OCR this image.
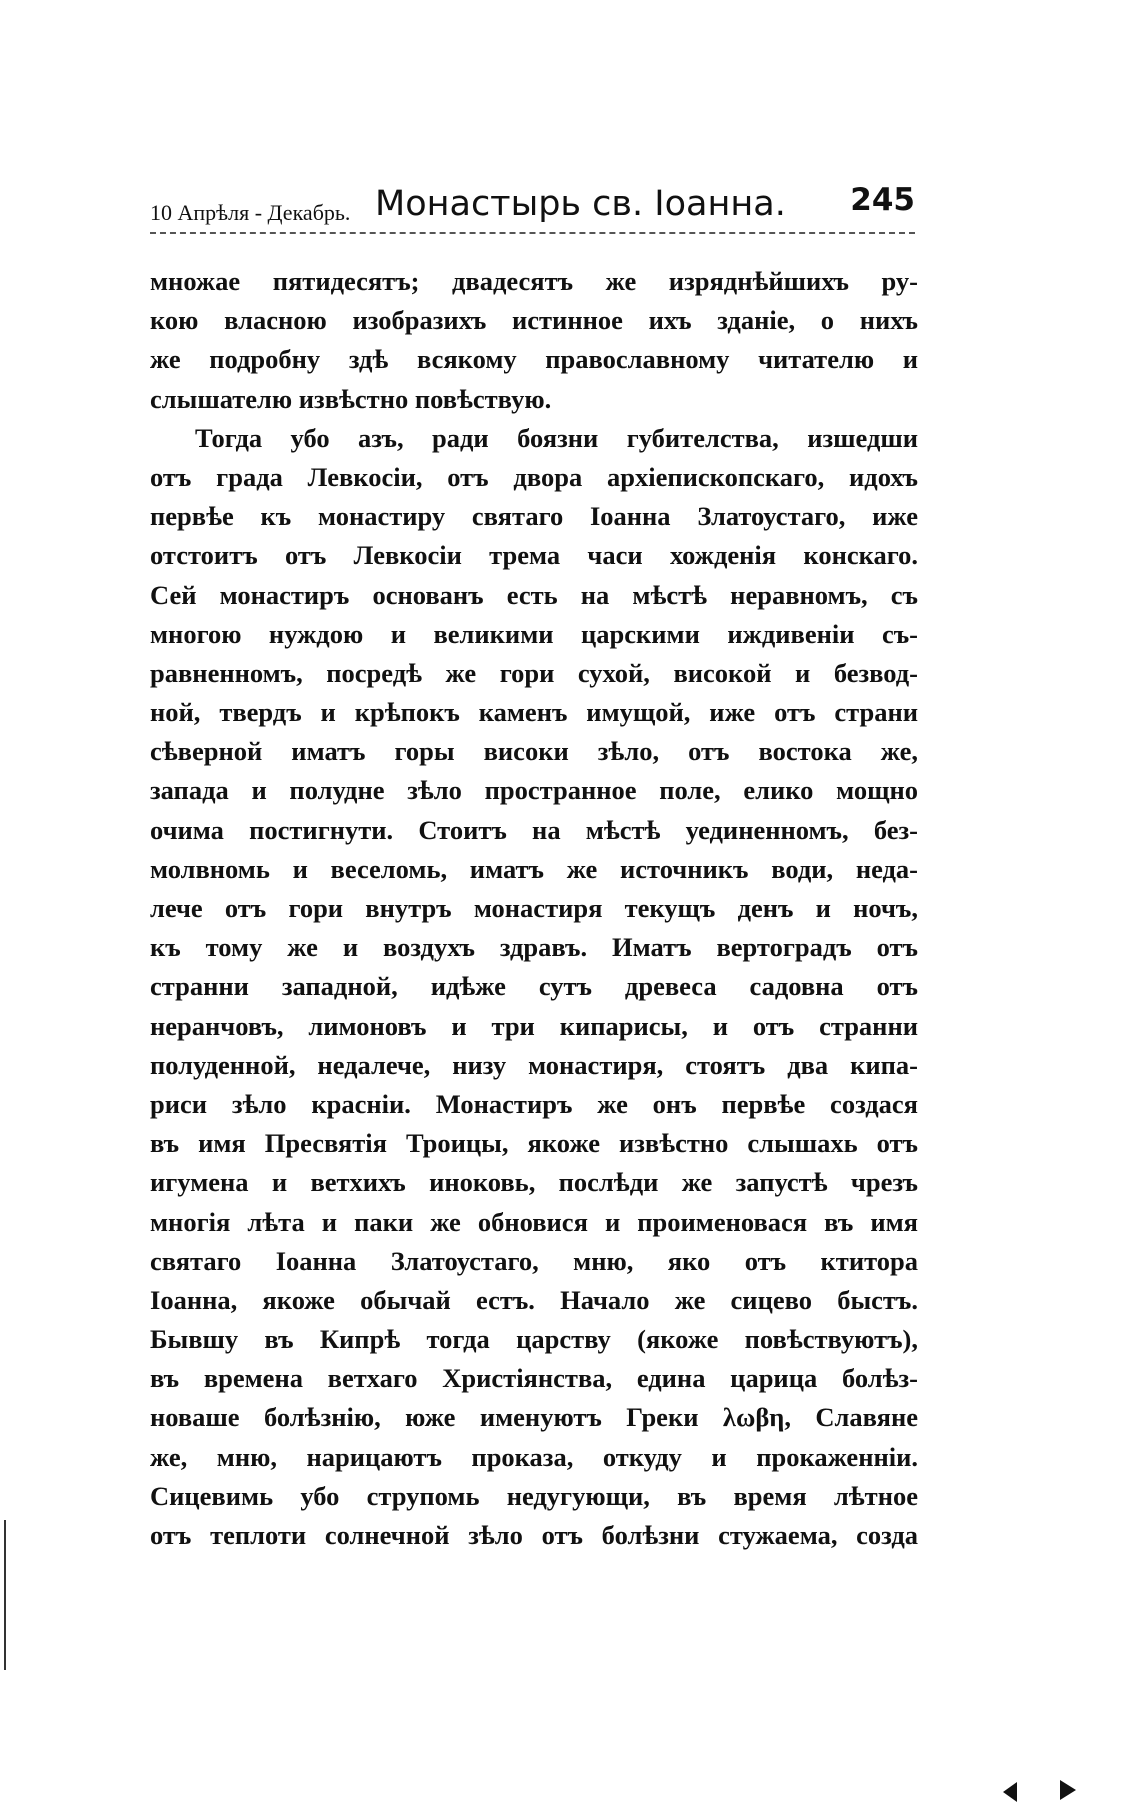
10 Апрѣля - Декабрь. Монастырь св. Іоанна. 245
множае пятидесятъ; двадесятъ же изряднѣйшихъ ру-
кою власною изобразихъ истинное ихъ зданіе, о нихъ
же подробну здѣ всякому православному читателю и
слышателю извѣстно повѣствую.
Тогда убо азъ, ради боязни губителства, изшедши
отъ града Левкосіи, отъ двора архіепископскаго, идохъ
первѣе къ монастиру святаго Іоанна Златоустаго, иже
отстоитъ отъ Левкосіи трема часи хожденія конскаго.
Сей монастиръ основанъ есть на мѣстѣ неравномъ, съ
многою нуждою и великими царскими иждивеніи съ-
равненномъ, посредѣ же гори сухой, високой и безвод-
ной, твердъ и крѣпокъ каменъ имущой, иже отъ страни
сѣверной иматъ горы високи зѣло, отъ востока же,
запада и полудне зѣло пространное поле, елико мощно
очима постигнути. Стоитъ на мѣстѣ уединенномъ, без-
молвномь и веселомь, иматъ же источникъ води, неда-
лече отъ гори внутръ монастиря текущъ денъ и ночъ,
къ тому же и воздухъ здравъ. Иматъ вертоградъ отъ
странни западной, идѣже сутъ древеса садовна отъ
неранчовъ, лимоновъ и три кипарисы, и отъ странни
полуденной, недалече, низу монастиря, стоятъ два кипа-
риси зѣло красніи. Монастиръ же онъ первѣе создася
въ имя Пресвятія Троицы, якоже извѣстно слышахь отъ
игумена и ветхихъ иноковь, послѣди же запустѣ чрезъ
многія лѣта и паки же обновися и проименовася въ имя
святаго Іоанна Златоустаго, мню, яко отъ ктитора
Іоанна, якоже обычай естъ. Начало же сицево быстъ.
Бывшу въ Кипрѣ тогда царству (якоже повѣствуютъ),
въ времена ветхаго Христіянства, едина царица болѣз-
новаше болѣзнію, юже именуютъ Греки λωβη, Славяне
же, мню, нарицаютъ проказа, откуду и прокаженніи.
Сицевимь убо струпомь недугующи, въ время лѣтное
отъ теплоти солнечной зѣло отъ болѣзни стужаема, созда
